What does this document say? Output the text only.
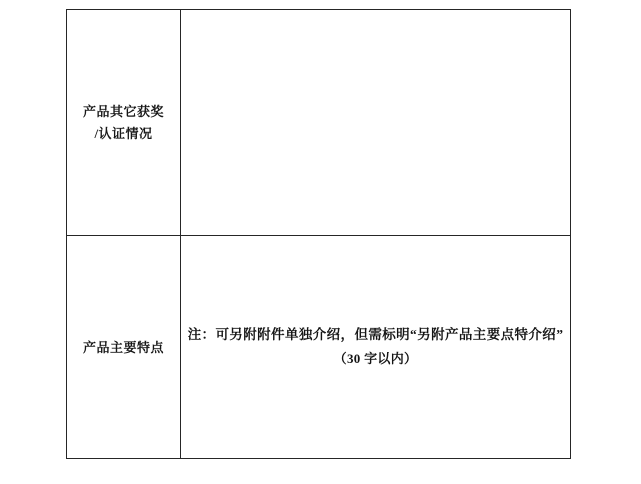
产品其它获奖
/认证情况	

产品主要特点	注：可另附附件单独介绍，但需标明“另附产品主要点特介绍”
（30 字以内）
